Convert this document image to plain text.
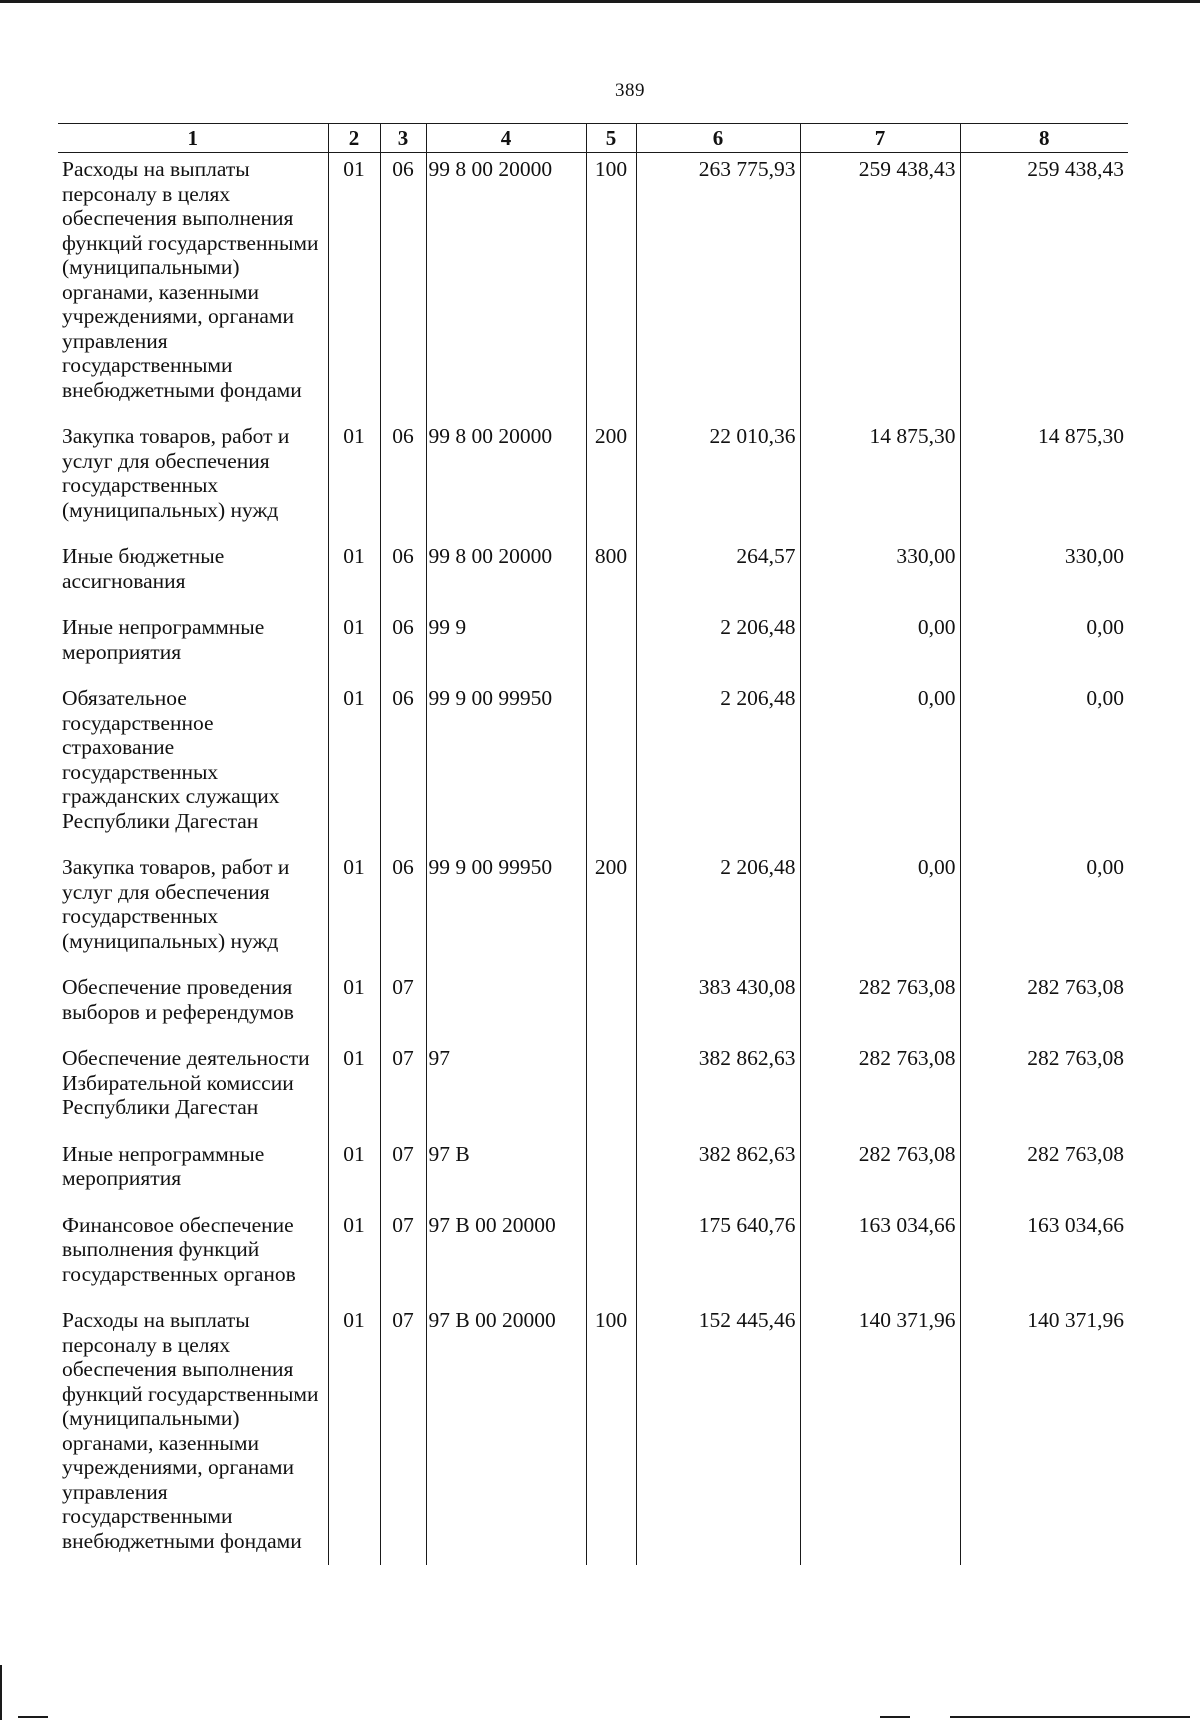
389
1	2	3	4	5	6	7	8
Расходы на выплаты персоналу в целях обеспечения выполнения функций государственными (муниципальными) органами, казенными учреждениями, органами управления государственными внебюджетными фондами	01	06	99 8 00 20000	100	263 775,93	259 438,43	259 438,43
Закупка товаров, работ и услуг для обеспечения государственных (муниципальных) нужд	01	06	99 8 00 20000	200	22 010,36	14 875,30	14 875,30
Иные бюджетные ассигнования	01	06	99 8 00 20000	800	264,57	330,00	330,00
Иные непрограммные мероприятия	01	06	99 9		2 206,48	0,00	0,00
Обязательное государственное страхование государственных гражданских служащих Республики Дагестан	01	06	99 9 00 99950		2 206,48	0,00	0,00
Закупка товаров, работ и услуг для обеспечения государственных (муниципальных) нужд	01	06	99 9 00 99950	200	2 206,48	0,00	0,00
Обеспечение проведения выборов и референдумов	01	07			383 430,08	282 763,08	282 763,08
Обеспечение деятельности Избирательной комиссии Республики Дагестан	01	07	97		382 862,63	282 763,08	282 763,08
Иные непрограммные мероприятия	01	07	97 В		382 862,63	282 763,08	282 763,08
Финансовое обеспечение выполнения функций государственных органов	01	07	97 В 00 20000		175 640,76	163 034,66	163 034,66
Расходы на выплаты персоналу в целях обеспечения выполнения функций государственными (муниципальными) органами, казенными учреждениями, органами управления государственными внебюджетными фондами	01	07	97 В 00 20000	100	152 445,46	140 371,96	140 371,96
